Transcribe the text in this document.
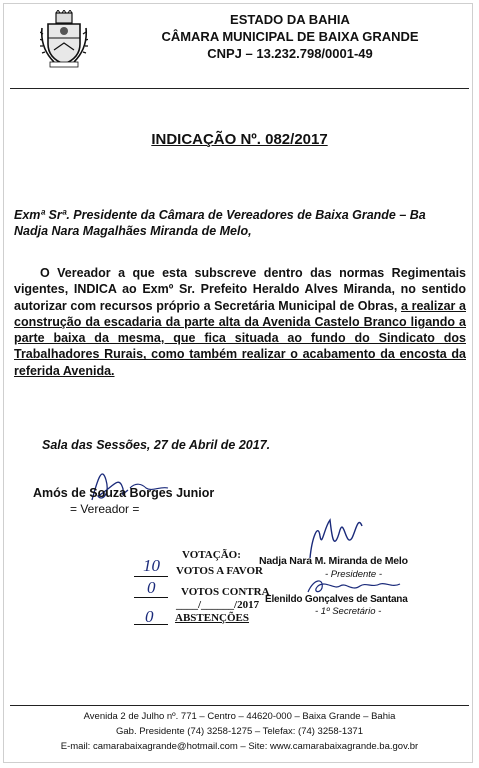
ESTADO DA BAHIA
CÂMARA MUNICIPAL DE BAIXA GRANDE
CNPJ – 13.232.798/0001-49
INDICAÇÃO Nº. 082/2017
Exmª Srª. Presidente da Câmara de Vereadores de Baixa Grande – Ba
Nadja Nara Magalhães Miranda de Melo,
O Vereador a que esta subscreve dentro das normas Regimentais vigentes, INDICA ao Exmº Sr. Prefeito Heraldo Alves Miranda, no sentido autorizar com recursos próprio a Secretária Municipal de Obras, a realizar a construção da escadaria da parte alta da Avenida Castelo Branco ligando a parte baixa da mesma, que fica situada ao fundo do Sindicato dos Trabalhadores Rurais, como também realizar o acabamento da encosta da referida Avenida.
Sala das Sessões, 27 de Abril de 2017.
Amós de Souza Borges Junior
= Vereador =
VOTAÇÃO:
10 VOTOS A FAVOR
0 VOTOS CONTRA
____/______/2017
0 ABSTENÇÕES
Nadja Nara M. Miranda de Melo
- Presidente -
Elenildo Gonçalves de Santana
- 1º Secretário -
Avenida 2 de Julho nº. 771 – Centro – 44620-000 – Baixa Grande – Bahia
Gab. Presidente (74) 3258-1275 – Telefax: (74) 3258-1371
E-mail: camarabaixagrande@hotmail.com – Site: www.camarabaixagrande.ba.gov.br
